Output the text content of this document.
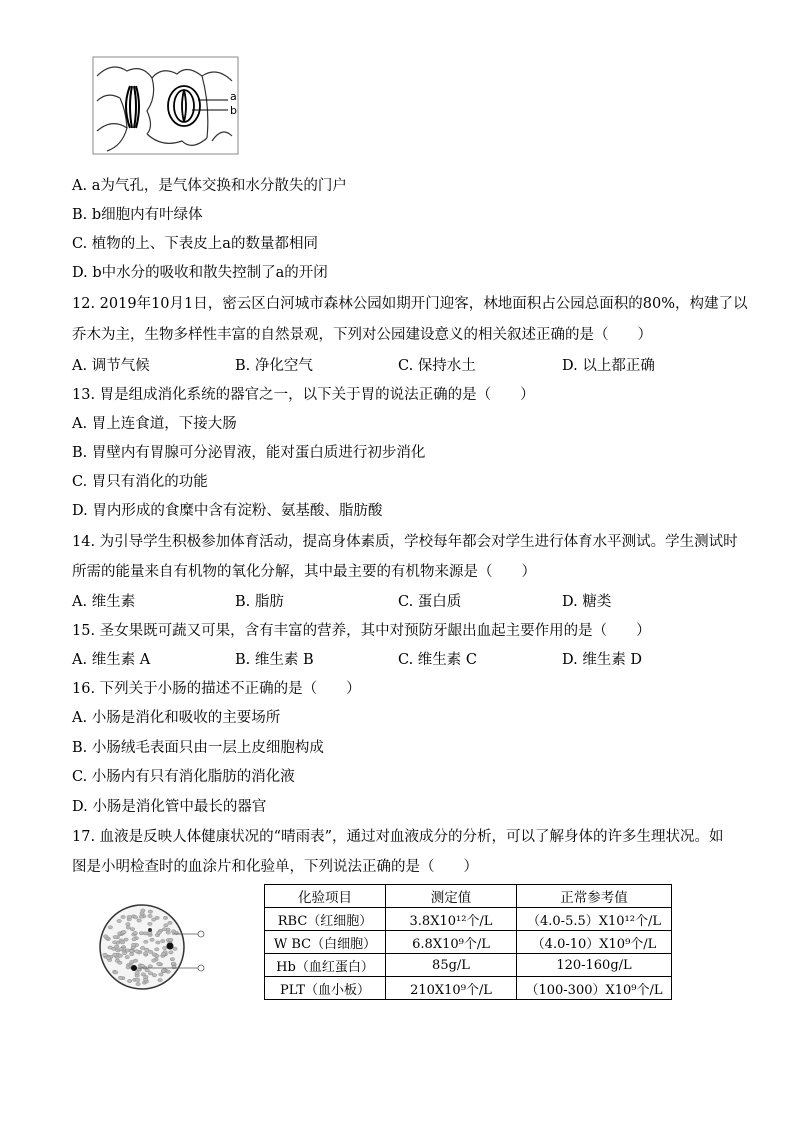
a
b
A. a为气孔，是气体交换和水分散失的门户
B. b细胞内有叶绿体
C. 植物的上、下表皮上a的数量都相同
D. b中水分的吸收和散失控制了a的开闭
12. 2019年10月1日，密云区白河城市森林公园如期开门迎客，林地面积占公园总面积的80%，构建了以
乔木为主，生物多样性丰富的自然景观，下列对公园建设意义的相关叙述正确的是（　　）
A. 调节气候	B. 净化空气	C. 保持水土	D. 以上都正确
13. 胃是组成消化系统的器官之一，以下关于胃的说法正确的是（　　）
A. 胃上连食道，下接大肠
B. 胃壁内有胃腺可分泌胃液，能对蛋白质进行初步消化
C. 胃只有消化的功能
D. 胃内形成的食糜中含有淀粉、氨基酸、脂肪酸
14. 为引导学生积极参加体育活动，提高身体素质，学校每年都会对学生进行体育水平测试。学生测试时
所需的能量来自有机物的氧化分解，其中最主要的有机物来源是（　　）
A. 维生素	B. 脂肪	C. 蛋白质	D. 糖类
15. 圣女果既可蔬又可果，含有丰富的营养，其中对预防牙龈出血起主要作用的是（　　）
A. 维生素 A	B. 维生素 B	C. 维生素 C	D. 维生素 D
16. 下列关于小肠的描述不正确的是（　　）
A. 小肠是消化和吸收的主要场所
B. 小肠绒毛表面只由一层上皮细胞构成
C. 小肠内有只有消化脂肪的消化液
D. 小肠是消化管中最长的器官
17. 血液是反映人体健康状况的“晴雨表”，通过对血液成分的分析，可以了解身体的许多生理状况。如
图是小明检查时的血涂片和化验单，下列说法正确的是（　　）
化验项目	测定值	正常参考值
RBC（红细胞）	3.8X10¹²个/L	（4.0-5.5）X10¹²个/L
W BC（白细胞）	6.8X10⁹个/L	（4.0-10）X10⁹个/L
Hb（血红蛋白）	85g/L	120-160g/L
PLT（血小板）	210X10⁹个/L	（100-300）X10⁹个/L
